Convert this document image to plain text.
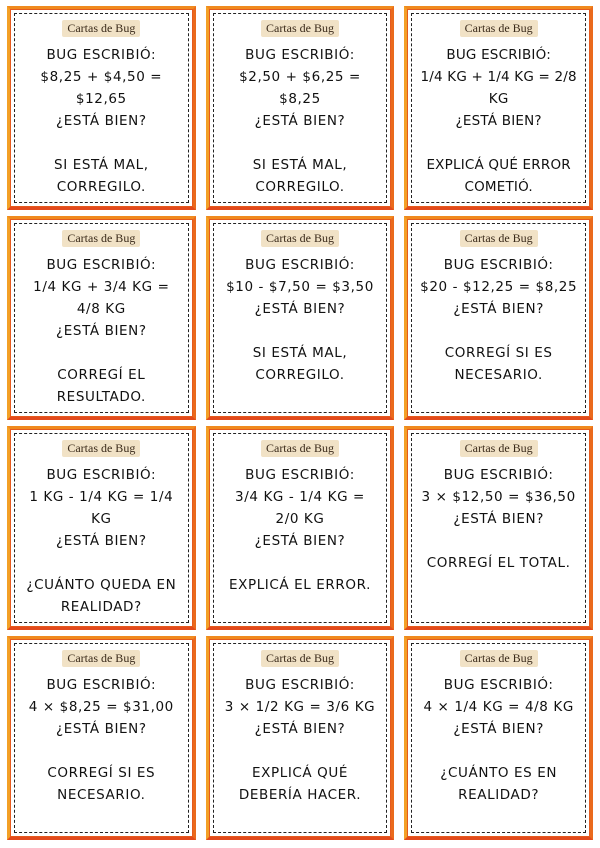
Cartas de Bug
BUG ESCRIBIÓ:
$8,25 + $4,50 = $12,65
¿ESTÁ BIEN?
SI ESTÁ MAL,
CORREGILO.
Cartas de Bug
BUG ESCRIBIÓ:
$2,50 + $6,25 = $8,25
¿ESTÁ BIEN?
SI ESTÁ MAL,
CORREGILO.
Cartas de Bug
BUG ESCRIBIÓ:
1/4 KG + 1/4 KG = 2/8 KG
¿ESTÁ BIEN?
EXPLICÁ QUÉ ERROR
COMETIÓ.
Cartas de Bug
BUG ESCRIBIÓ:
1/4 KG + 3/4 KG =
4/8 KG
¿ESTÁ BIEN?
CORREGÍ EL
RESULTADO.
Cartas de Bug
BUG ESCRIBIÓ:
$10 - $7,50 = $3,50
¿ESTÁ BIEN?
SI ESTÁ MAL,
CORREGILO.
Cartas de Bug
BUG ESCRIBIÓ:
$20 - $12,25 = $8,25
¿ESTÁ BIEN?
CORREGÍ SI ES
NECESARIO.
Cartas de Bug
BUG ESCRIBIÓ:
1 KG - 1/4 KG = 1/4
KG
¿ESTÁ BIEN?
¿CUÁNTO QUEDA EN
REALIDAD?
Cartas de Bug
BUG ESCRIBIÓ:
3/4 KG - 1/4 KG =
2/0 KG
¿ESTÁ BIEN?
EXPLICÁ EL ERROR.
Cartas de Bug
BUG ESCRIBIÓ:
3 × $12,50 = $36,50
¿ESTÁ BIEN?
CORREGÍ EL TOTAL.
Cartas de Bug
BUG ESCRIBIÓ:
4 × $8,25 = $31,00
¿ESTÁ BIEN?
CORREGÍ SI ES
NECESARIO.
Cartas de Bug
BUG ESCRIBIÓ:
3 × 1/2 KG = 3/6 KG
¿ESTÁ BIEN?
EXPLICÁ QUÉ
DEBERÍA HACER.
Cartas de Bug
BUG ESCRIBIÓ:
4 × 1/4 KG = 4/8 KG
¿ESTÁ BIEN?
¿CUÁNTO ES EN
REALIDAD?
